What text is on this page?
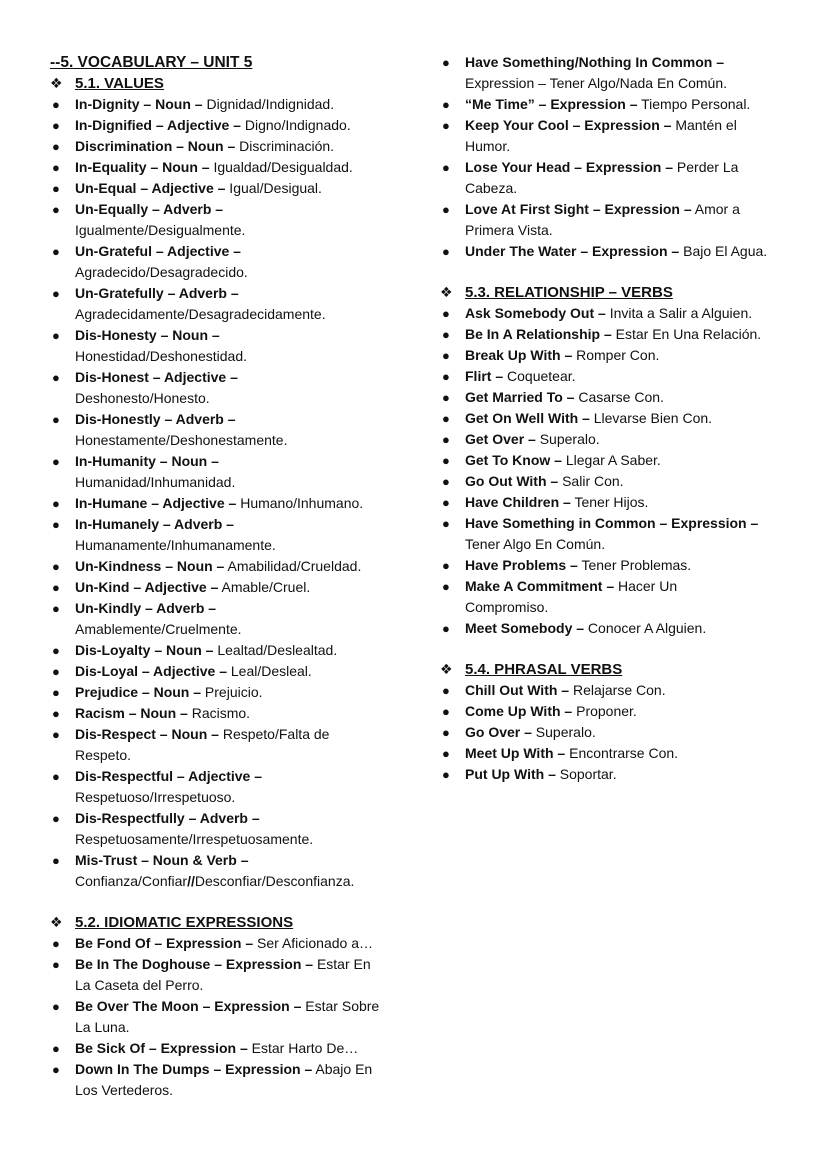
--5. VOCABULARY – UNIT 5
❖ 5.1. VALUES
● In-Dignity – Noun – Dignidad/Indignidad.
● In-Dignified – Adjective – Digno/Indignado.
● Discrimination – Noun – Discriminación.
● In-Equality – Noun – Igualdad/Desigualdad.
● Un-Equal – Adjective – Igual/Desigual.
● Un-Equally – Adverb –
Igualmente/Desigualmente.
● Un-Grateful – Adjective –
Agradecido/Desagradecido.
● Un-Gratefully – Adverb –
Agradecidamente/Desagradecidamente.
● Dis-Honesty – Noun –
Honestidad/Deshonestidad.
● Dis-Honest – Adjective –
Deshonesto/Honesto.
● Dis-Honestly – Adverb –
Honestamente/Deshonestamente.
● In-Humanity – Noun –
Humanidad/Inhumanidad.
● In-Humane – Adjective – Humano/Inhumano.
● In-Humanely – Adverb –
Humanamente/Inhumanamente.
● Un-Kindness – Noun – Amabilidad/Crueldad.
● Un-Kind – Adjective – Amable/Cruel.
● Un-Kindly – Adverb –
Amablemente/Cruelmente.
● Dis-Loyalty – Noun – Lealtad/Deslealtad.
● Dis-Loyal – Adjective – Leal/Desleal.
● Prejudice – Noun – Prejuicio.
● Racism – Noun – Racismo.
● Dis-Respect – Noun – Respeto/Falta de
Respeto.
● Dis-Respectful – Adjective –
Respetuoso/Irrespetuoso.
● Dis-Respectfully – Adverb –
Respetuosamente/Irrespetuosamente.
● Mis-Trust – Noun & Verb –
Confianza/Confiar//Desconfiar/Desconfianza.
❖ 5.2. IDIOMATIC EXPRESSIONS
● Be Fond Of – Expression – Ser Aficionado a…
● Be In The Doghouse – Expression – Estar En
La Caseta del Perro.
● Be Over The Moon – Expression – Estar Sobre
La Luna.
● Be Sick Of – Expression – Estar Harto De…
● Down In The Dumps – Expression – Abajo En
Los Vertederos.
● Have Something/Nothing In Common –
Expression – Tener Algo/Nada En Común.
● “Me Time” – Expression – Tiempo Personal.
● Keep Your Cool – Expression – Mantén el
Humor.
● Lose Your Head – Expression – Perder La
Cabeza.
● Love At First Sight – Expression – Amor a
Primera Vista.
● Under The Water – Expression – Bajo El Agua.
❖ 5.3. RELATIONSHIP – VERBS
● Ask Somebody Out – Invita a Salir a Alguien.
● Be In A Relationship – Estar En Una Relación.
● Break Up With – Romper Con.
● Flirt – Coquetear.
● Get Married To – Casarse Con.
● Get On Well With – Llevarse Bien Con.
● Get Over – Superalo.
● Get To Know – Llegar A Saber.
● Go Out With – Salir Con.
● Have Children – Tener Hijos.
● Have Something in Common – Expression –
Tener Algo En Común.
● Have Problems – Tener Problemas.
● Make A Commitment – Hacer Un
Compromiso.
● Meet Somebody – Conocer A Alguien.
❖ 5.4. PHRASAL VERBS
● Chill Out With – Relajarse Con.
● Come Up With – Proponer.
● Go Over – Superalo.
● Meet Up With – Encontrarse Con.
● Put Up With – Soportar.
